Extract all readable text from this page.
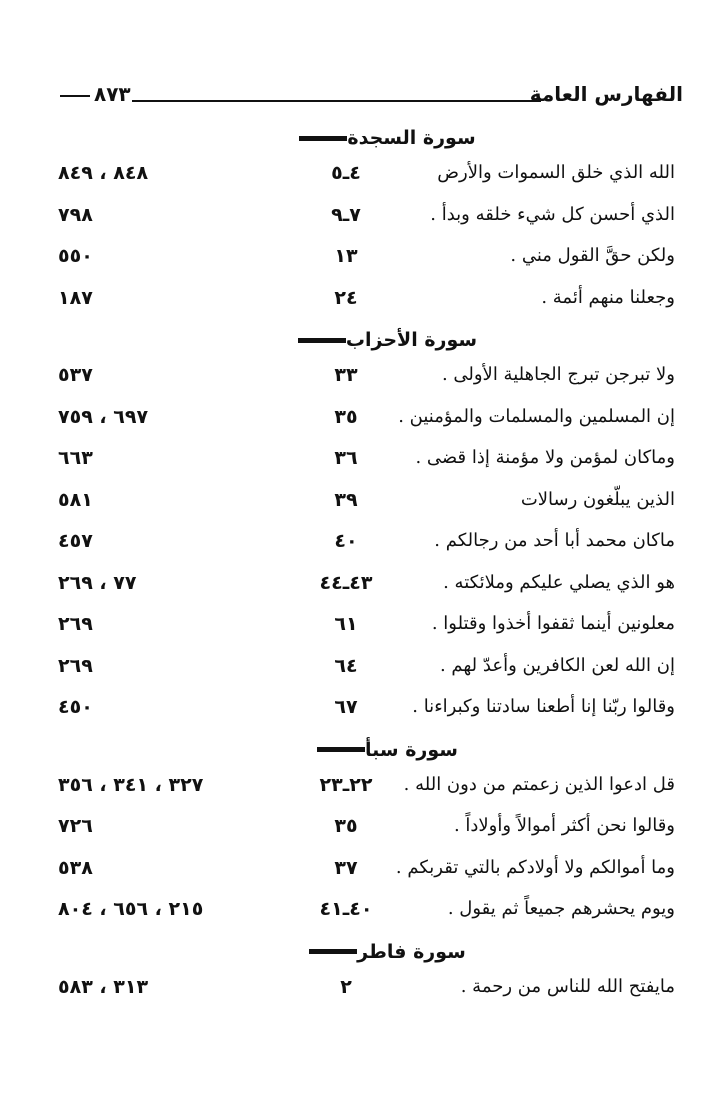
الفهارس العامة
٨٧٣
سورة السجدة
الله الذي خلق السموات والأرض
٤ـ٥
٨٤٨ ، ٨٤٩
الذي أحسن كل شيء خلقه وبدأ .
٧ـ٩
٧٩٨
ولكن حقَّ القول مني .
١٣
٥٥٠
وجعلنا منهم أئمة .
٢٤
١٨٧
سورة الأحزاب
ولا تبرجن تبرج الجاهلية الأولى .
٣٣
٥٣٧
إن المسلمين والمسلمات والمؤمنين .
٣٥
٦٩٧ ، ٧٥٩
وماكان لمؤمن ولا مؤمنة إذا قضى .
٣٦
٦٦٣
الذين يبلّغون رسالات
٣٩
٥٨١
ماكان محمد أبا أحد من رجالكم .
٤٠
٤٥٧
هو الذي يصلي عليكم وملائكته .
٤٣ـ٤٤
٧٧ ، ٢٦٩
معلونين أينما ثقفوا أخذوا وقتلوا .
٦١
٢٦٩
إن الله لعن الكافرين وأعدّ لهم .
٦٤
٢٦٩
وقالوا ربّنا إنا أطعنا سادتنا وكبراءنا .
٦٧
٤٥٠
سورة سبأ
قل ادعوا الذين زعمتم من دون الله .
٢٢ـ٢٣
٣٢٧ ، ٣٤١ ، ٣٥٦
وقالوا نحن أكثر أموالاً وأولاداً .
٣٥
٧٢٦
وما أموالكم ولا أولادكم بالتي تقربكم .
٣٧
٥٣٨
ويوم يحشرهم جميعاً ثم يقول .
٤٠ـ٤١
٢١٥ ، ٦٥٦ ، ٨٠٤
سورة فاطر
مايفتح الله للناس من رحمة .
٢
٣١٣ ، ٥٨٣
